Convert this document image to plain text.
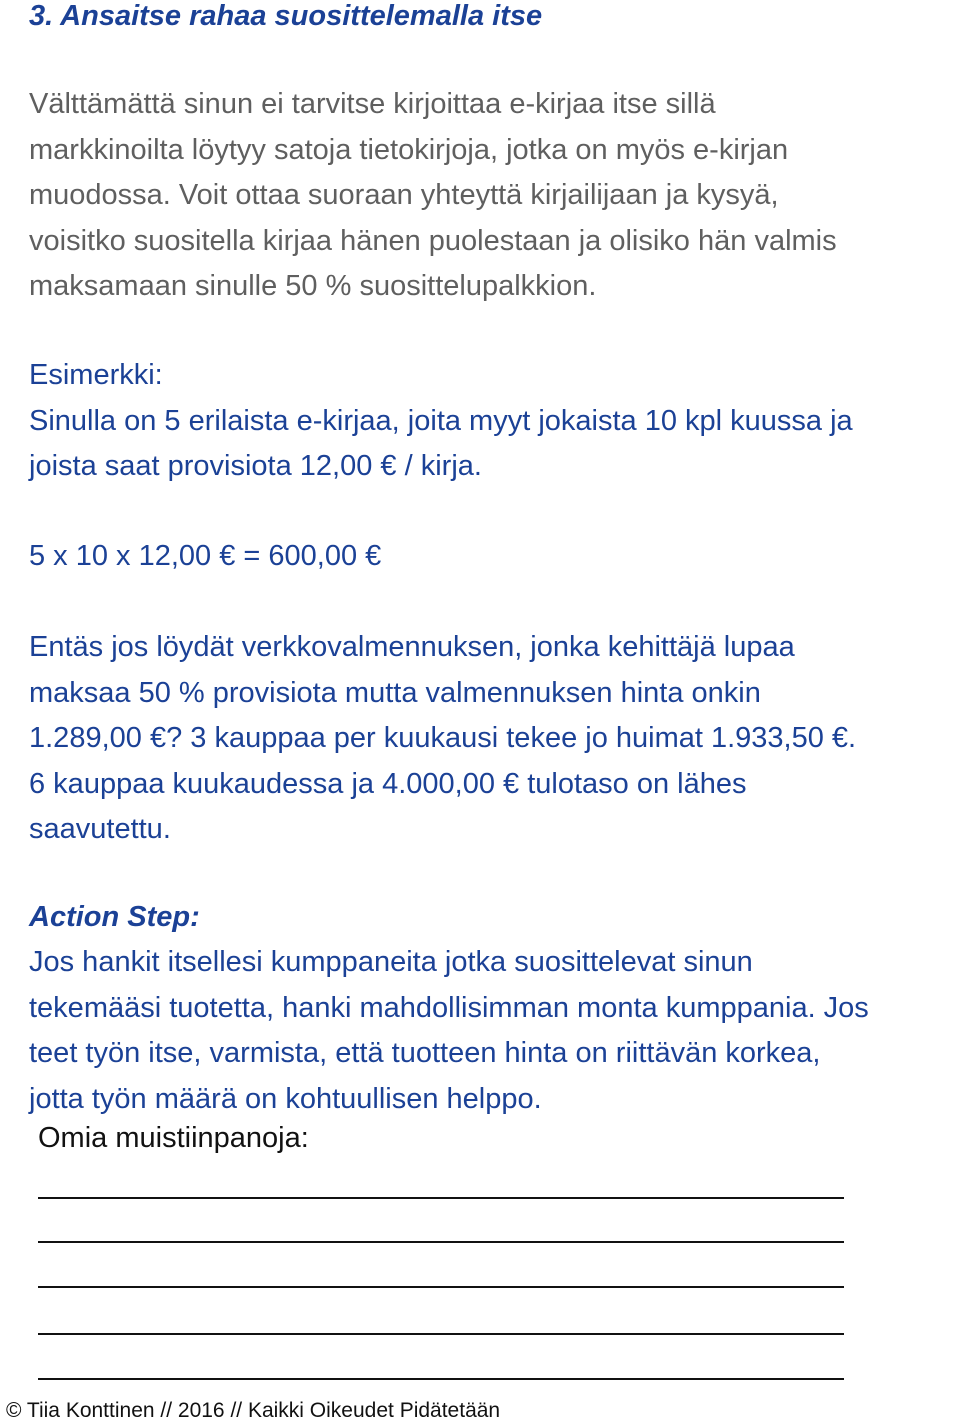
3. Ansaitse rahaa suosittelemalla itse

Välttämättä sinun ei tarvitse kirjoittaa e-kirjaa itse sillä
markkinoilta löytyy satoja tietokirjoja, jotka on myös e-kirjan
muodossa. Voit ottaa suoraan yhteyttä kirjailijaan ja kysyä,
voisitko suositella kirjaa hänen puolestaan ja olisiko hän valmis
maksamaan sinulle 50 % suosittelupalkkion.

Esimerkki:
Sinulla on 5 erilaista e-kirjaa, joita myyt jokaista 10 kpl kuussa ja
joista saat provisiota 12,00 € / kirja.

5 x 10 x 12,00 € = 600,00 €

Entäs jos löydät verkkovalmennuksen, jonka kehittäjä lupaa
maksaa 50 % provisiota mutta valmennuksen hinta onkin
1.289,00 €? 3 kauppaa per kuukausi tekee jo huimat 1.933,50 €.
6 kauppaa kuukaudessa ja 4.000,00 € tulotaso on lähes
saavutettu.

Action Step:

Jos hankit itsellesi kumppaneita jotka suosittelevat sinun
tekemääsi tuotetta, hanki mahdollisimman monta kumppania. Jos
teet työn itse, varmista, että tuotteen hinta on riittävän korkea,
jotta työn määrä on kohtuullisen helppo.

Omia muistiinpanoja:

© Tiia Konttinen // 2016 // Kaikki Oikeudet Pidätetään
